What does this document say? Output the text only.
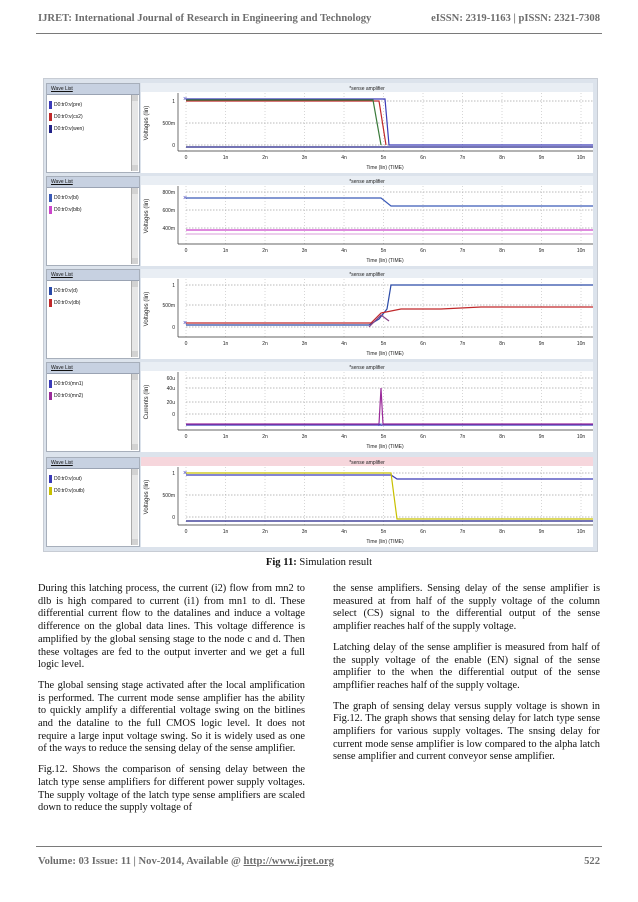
IJRET: International Journal of Research in Engineering and Technology	eISSN: 2319-1163 | pISSN: 2321-7308
Wave List
D0:tr0:v(pre)
D0:tr0:v(cs2)
D0:tr0:v(wen)
*sense amplifier
Voltages (lin)
1
500m
0
0	1n	2n	3n	4n	5n	6n	7n	8n	9n	10n
Time (lin) (TIME)
×
Wave List
D0:tr0:v(bl)
D0:tr0:v(blb)
*sense amplifier
Voltages (lin)
800m
600m
400m
0	1n	2n	3n	4n	5n	6n	7n	8n	9n	10n
Time (lin) (TIME)
×
Wave List
D0:tr0:v(d)
D0:tr0:v(db)
*sense amplifier
Voltages (lin)
1
500m
0
0	1n	2n	3n	4n	5n	6n	7n	8n	9n	10n
Time (lin) (TIME)
×
Wave List
D0:tr0:i(mn1)
D0:tr0:i(mn2)
*sense amplifier
Currents (lin)
60u
40u
20u
0
0	1n	2n	3n	4n	5n	6n	7n	8n	9n	10n
Time (lin) (TIME)
×
Wave List
D0:tr0:v(out)
D0:tr0:v(outb)
*sense amplifier
Voltages (lin)
1
500m
0
0	1n	2n	3n	4n	5n	6n	7n	8n	9n	10n
Time (lin) (TIME)
×
Fig 11: Simulation result

During this latching process, the current (i2) flow from mn2 to dlb is high compared to current (i1) from mn1 to dl. These differential current flow to the datalines and induce a voltage difference on the global data lines. This voltage difference is amplified by the global sensing stage to the node c and d. Then these voltages are fed to the output inverter and we get a full logic level.

The global sensing stage activated after the local amplification is performed. The current mode sense amplifier has the ability to quickly amplify a differential voltage swing on the bitlines and the dataline to the full CMOS logic level. It does not require a large input voltage swing. So it is widely used as one of the ways to reduce the sensing delay of the sense amplifier.

Fig.12. Shows the comparison of sensing delay between the latch type sense amplifiers for different power supply voltages. The supply voltage of the latch type sense amplifiers are scaled down to reduce the supply voltage of

the sense amplifiers. Sensing delay of the sense amplifier is measured at from half of the supply voltage of the column select (CS) signal to the differential output of the sense amplifier reaches half of the supply voltage.

Latching delay of the sense amplifier is measured from half of the supply voltage of the enable (EN) signal of the sense amplifier to the when the differential output of the sense ampflifier reaches half of the supply voltage.

The graph of sensing delay versus supply voltage is shown in Fig.12. The graph shows that sensing delay for latch type sense amplifiers for various supply voltages. The snsing delay for current mode sense amplifier is low compared to the alpha latch sense amplifier and current conveyor sense amplifier.

Volume: 03 Issue: 11 | Nov-2014, Available @ http://www.ijret.org	522
